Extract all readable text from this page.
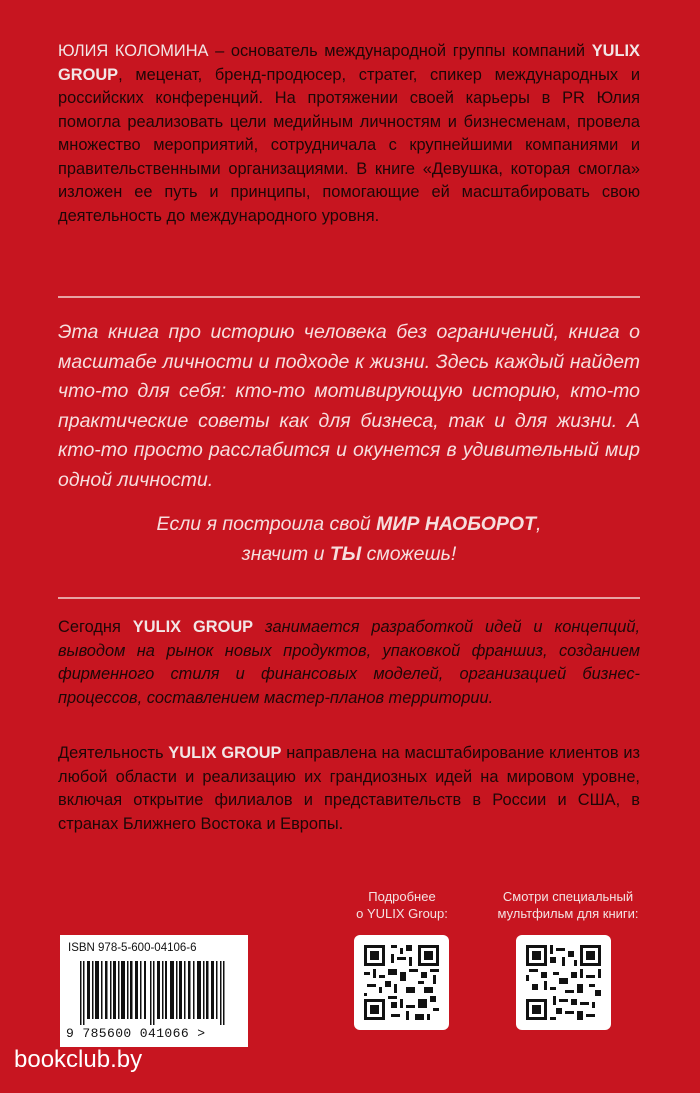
ЮЛИЯ КОЛОМИНА – основатель международной группы компаний YULIX GROUP, меценат, бренд-продюсер, стратег, спикер международных и российских конференций. На протяжении своей карьеры в PR Юлия помогла реализовать цели медийным личностям и бизнесменам, провела множество мероприятий, сотрудничала с крупнейшими компаниями и правительственными организациями. В книге «Девушка, которая смогла» изложен ее путь и принципы, помогающие ей масштабировать свою деятельность до международного уровня.
Эта книга про историю человека без ограничений, книга о масштабе личности и подходе к жизни. Здесь каждый найдет что-то для себя: кто-то мотивирующую историю, кто-то практические советы как для бизнеса, так и для жизни. А кто-то просто расслабится и окунется в удивительный мир одной личности.
Если я построила свой МИР НАОБОРОТ,
значит и ТЫ сможешь!
Сегодня YULIX GROUP занимается разработкой идей и концепций, выводом на рынок новых продуктов, упаковкой франшиз, созданием фирменного стиля и финансовых моделей, организацией бизнес-процессов, составлением мастер-планов территории.
Деятельность YULIX GROUP направлена на масштабирование клиентов из любой области и реализацию их грандиозных идей на мировом уровне, включая открытие филиалов и представительств в России и США, в странах Ближнего Востока и Европы.
Подробнее
о YULIX Group:
Смотри специальный
мультфильм для книги:
ISBN 978-5-600-04106-6
9 785600 041066 >
bookclub.by
